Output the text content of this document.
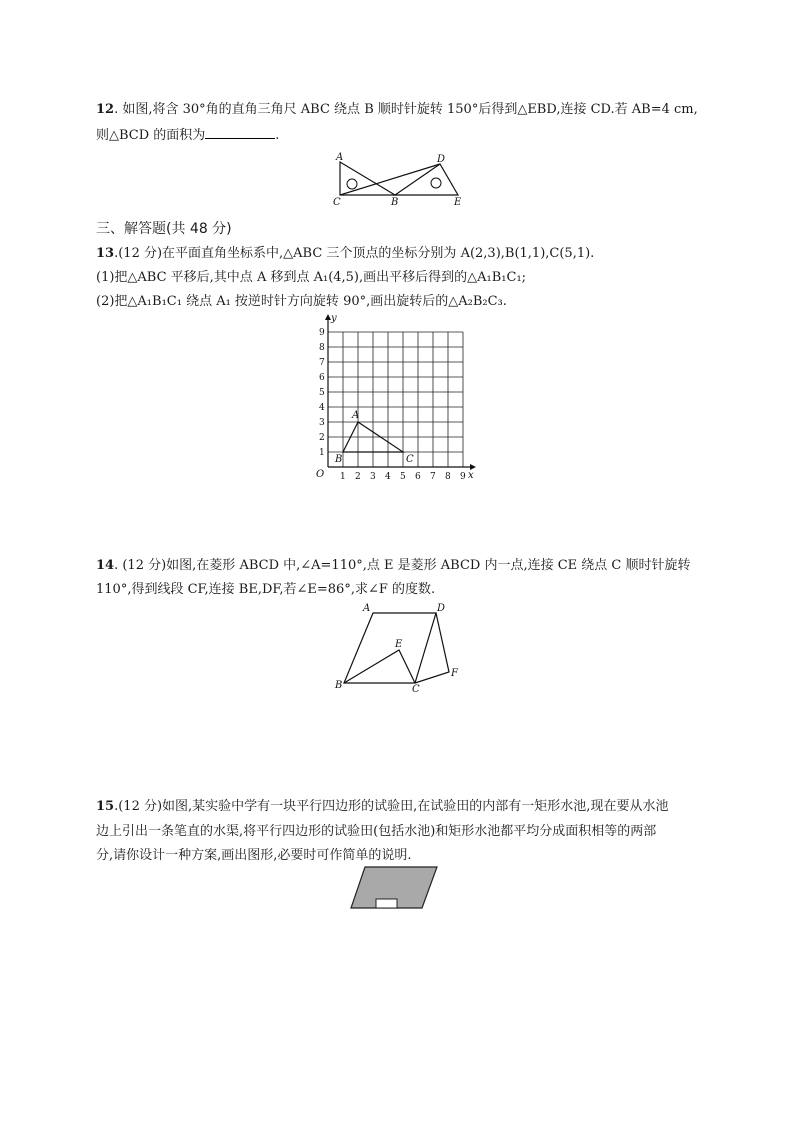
12. 如图,将含 30°角的直角三角尺 ABC 绕点 B 顺时针旋转 150°后得到△EBD,连接 CD.若 AB=4 cm,

则△BCD 的面积为	.

A
C	B
D
E

三、解答题(共 48 分)

13.(12 分)在平面直角坐标系中,△ABC 三个顶点的坐标分别为 A(2,3),B(1,1),C(5,1).

(1)把△ABC 平移后,其中点 A 移到点 A₁(4,5),画出平移后得到的△A₁B₁C₁;

(2)把△A₁B₁C₁ 绕点 A₁ 按逆时针方向旋转 90°,画出旋转后的△A₂B₂C₃.

1 2 3 4 5 6 7 8 9
1
2
3
4
5
6
7
8
9
A
B	C
O	x
y

14. (12 分)如图,在菱形 ABCD 中,∠A=110°,点 E 是菱形 ABCD 内一点,连接 CE 绕点 C 顺时针旋转

110°,得到线段 CF,连接 BE,DF,若∠E=86°,求∠F 的度数.

A	D
E
B	C
F

15.(12 分)如图,某实验中学有一块平行四边形的试验田,在试验田的内部有一矩形水池,现在要从水池

边上引出一条笔直的水渠,将平行四边形的试验田(包括水池)和矩形水池都平均分成面积相等的两部

分,请你设计一种方案,画出图形,必要时可作简单的说明.
